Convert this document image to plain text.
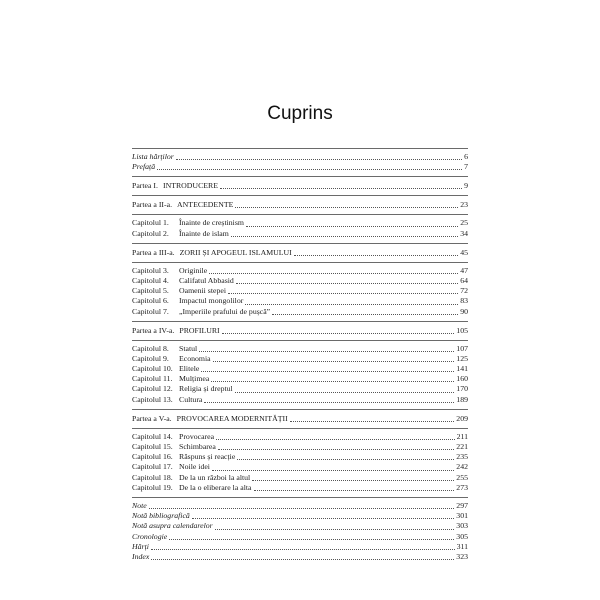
Cuprins
Lista hărților	6
Prefață	7
Partea I. INTRODUCERE	9
Partea a II-a. ANTECEDENTE	23
Capitolul 1.	Înainte de creștinism	25
Capitolul 2.	Înainte de islam	34
Partea a III-a. ZORII ȘI APOGEUL ISLAMULUI	45
Capitolul 3.	Originile	47
Capitolul 4.	Califatul Abbasid	64
Capitolul 5.	Oamenii stepei	72
Capitolul 6.	Impactul mongolilor	83
Capitolul 7.	„Imperiile prafului de pușcă”	90
Partea a IV-a. PROFILURI	105
Capitolul 8.	Statul	107
Capitolul 9.	Economia	125
Capitolul 10. Elitele	141
Capitolul 11. Mulțimea	160
Capitolul 12. Religia și dreptul	170
Capitolul 13. Cultura	189
Partea a V-a. PROVOCAREA MODERNITĂȚII	209
Capitolul 14. Provocarea	211
Capitolul 15. Schimbarea	221
Capitolul 16. Răspuns și reacție	235
Capitolul 17. Noile idei	242
Capitolul 18. De la un război la altul	255
Capitolul 19. De la o eliberare la alta	273
Note	297
Notă bibliografică	301
Notă asupra calendarelor	303
Cronologie	305
Hărți	311
Index	323
